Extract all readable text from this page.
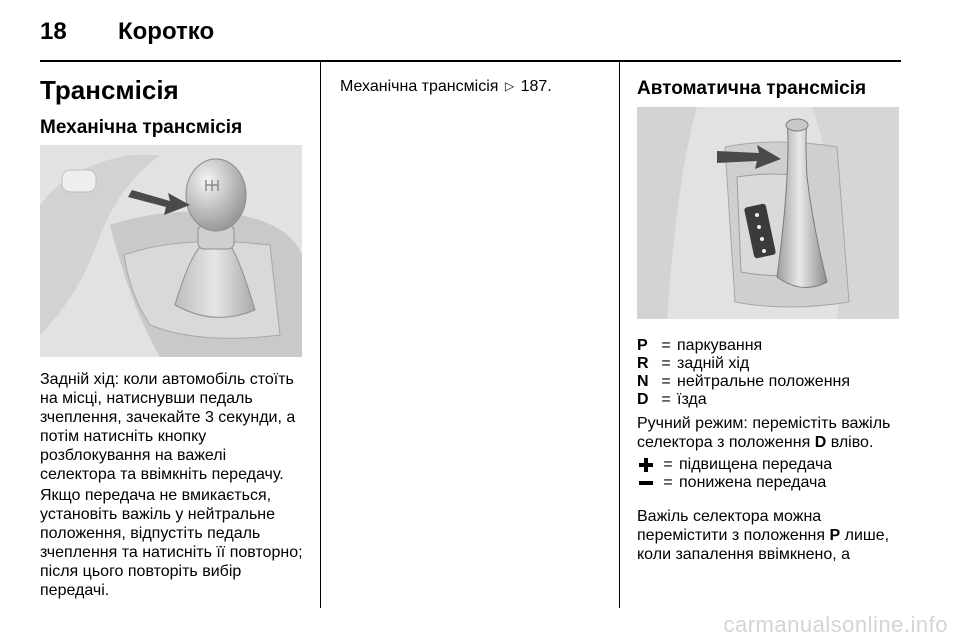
18 Коротко
Трансмісія
Механічна трансмісія
Задній хід: коли автомобіль стоїть
на місці, натиснувши педаль
зчеплення, зачекайте 3 секунди, а
потім натисніть кнопку
розблокування на важелі
селектора та ввімкніть передачу.
Якщо передача не вмикається,
установіть важіль у нейтральне
положення, відпустіть педаль
зчеплення та натисніть її повторно;
після цього повторіть вибір
передачі.
Механічна трансмісія ▷ 187.	Автоматична трансмісія
P = паркування
R = задній хід
N = нейтральне положення
D = їзда
Ручний режим: перемістіть важіль
селектора з положення D вліво.
= підвищена передача
= понижена передача
Важіль селектора можна
перемістити з положення P лише,
коли запалення ввімкнено, а
carmanualsonline.info
